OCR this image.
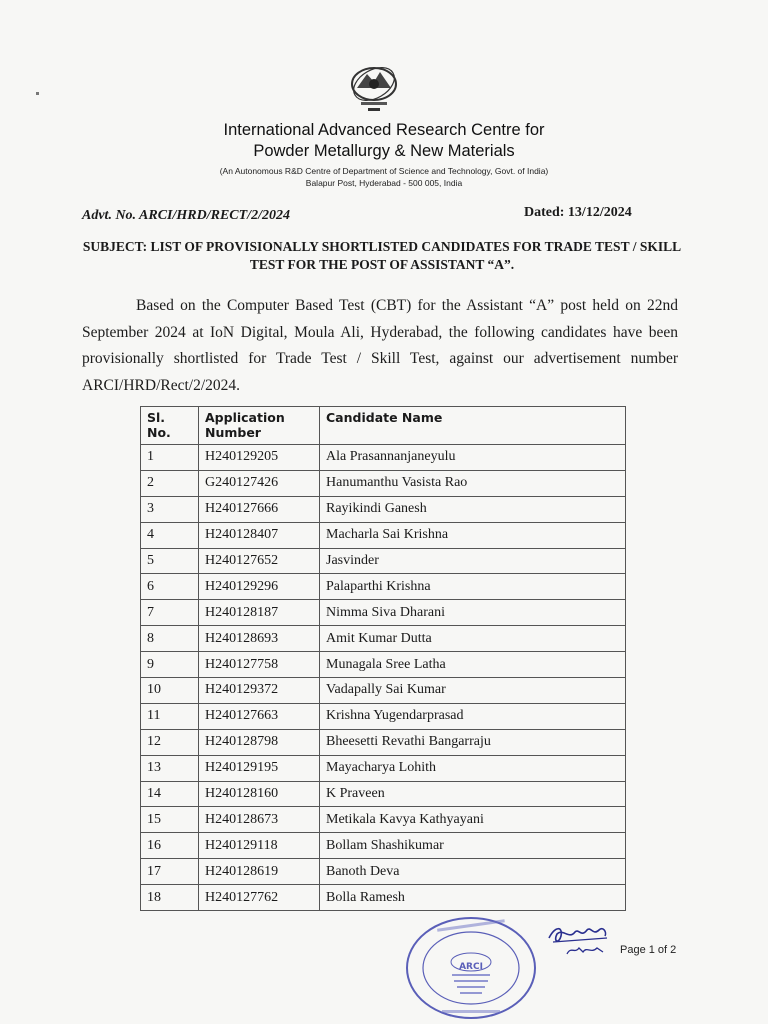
International Advanced Research Centre for
Powder Metallurgy & New Materials
(An Autonomous R&D Centre of Department of Science and Technology, Govt. of India)
Balapur Post, Hyderabad - 500 005, India
Advt. No. ARCI/HRD/RECT/2/2024	Dated: 13/12/2024
SUBJECT: LIST OF PROVISIONALLY SHORTLISTED CANDIDATES FOR TRADE TEST / SKILL TEST FOR THE POST OF ASSISTANT “A”.
Based on the Computer Based Test (CBT) for the Assistant “A” post held on 22nd September 2024 at IoN Digital, Moula Ali, Hyderabad, the following candidates have been provisionally shortlisted for Trade Test / Skill Test, against our advertisement number ARCI/HRD/Rect/2/2024.
Sl. No.	Application Number	Candidate Name
1	H240129205	Ala Prasannanjaneyulu
2	G240127426	Hanumanthu Vasista Rao
3	H240127666	Rayikindi Ganesh
4	H240128407	Macharla Sai Krishna
5	H240127652	Jasvinder
6	H240129296	Palaparthi Krishna
7	H240128187	Nimma Siva Dharani
8	H240128693	Amit Kumar Dutta
9	H240127758	Munagala Sree Latha
10	H240129372	Vadapally Sai Kumar
11	H240127663	Krishna Yugendarprasad
12	H240128798	Bheesetti Revathi Bangarraju
13	H240129195	Mayacharya Lohith
14	H240128160	K Praveen
15	H240128673	Metikala Kavya Kathyayani
16	H240129118	Bollam Shashikumar
17	H240128619	Banoth Deva
18	H240127762	Bolla Ramesh
ARCI
Page 1 of 2
